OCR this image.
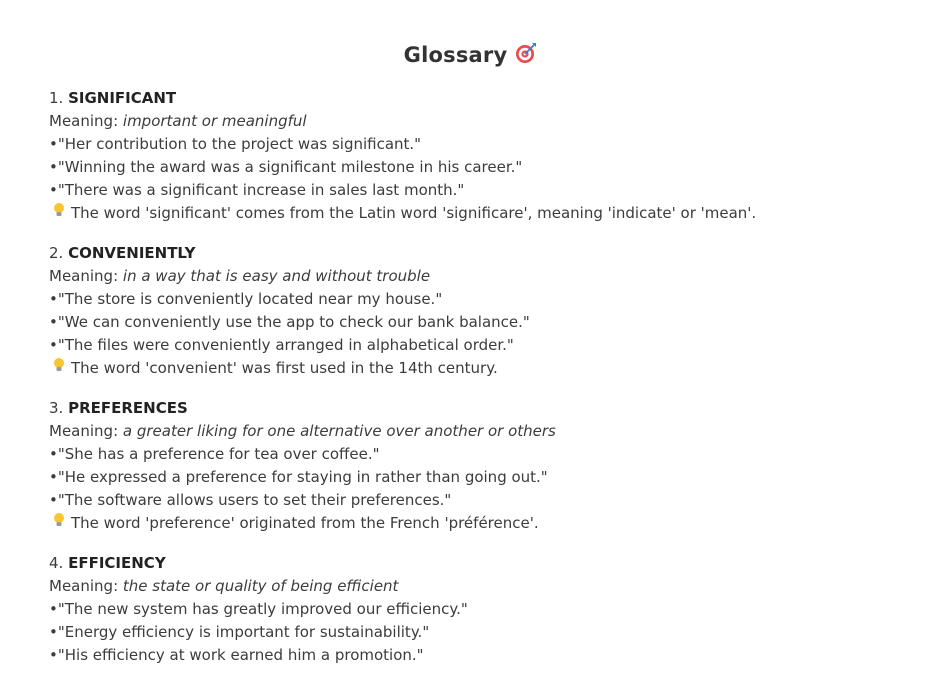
Glossary
1. SIGNIFICANT
Meaning: important or meaningful
•"Her contribution to the project was significant."
•"Winning the award was a significant milestone in his career."
•"There was a significant increase in sales last month."
The word 'significant' comes from the Latin word 'significare', meaning 'indicate' or 'mean'.
2. CONVENIENTLY
Meaning: in a way that is easy and without trouble
•"The store is conveniently located near my house."
•"We can conveniently use the app to check our bank balance."
•"The files were conveniently arranged in alphabetical order."
The word 'convenient' was first used in the 14th century.
3. PREFERENCES
Meaning: a greater liking for one alternative over another or others
•"She has a preference for tea over coffee."
•"He expressed a preference for staying in rather than going out."
•"The software allows users to set their preferences."
The word 'preference' originated from the French 'préférence'.
4. EFFICIENCY
Meaning: the state or quality of being efficient
•"The new system has greatly improved our efficiency."
•"Energy efficiency is important for sustainability."
•"His efficiency at work earned him a promotion."
